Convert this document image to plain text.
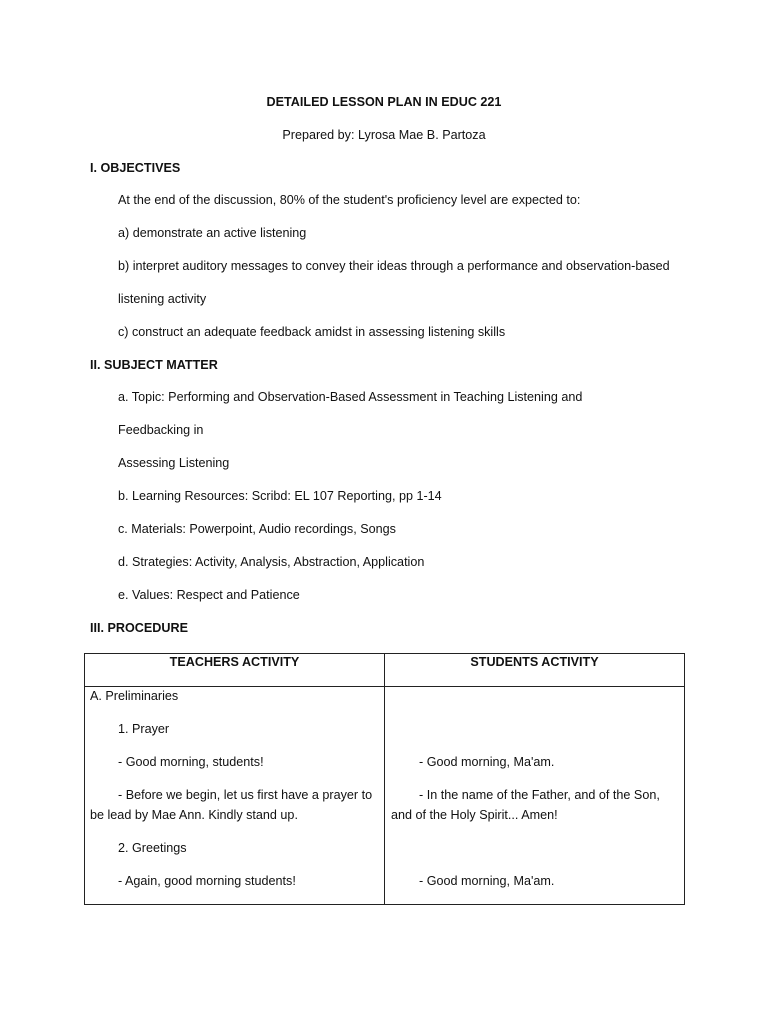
DETAILED LESSON PLAN IN EDUC 221
Prepared by: Lyrosa Mae B. Partoza
I. OBJECTIVES
At the end of the discussion, 80% of the student's proficiency level are expected to:
a) demonstrate an active listening
b) interpret auditory messages to convey their ideas through a performance and observation-based
listening activity
c) construct an adequate feedback amidst in assessing listening skills
II. SUBJECT MATTER
a. Topic: Performing and Observation-Based Assessment in Teaching Listening and
Feedbacking in
Assessing Listening
b. Learning Resources: Scribd: EL 107 Reporting, pp 1-14
c. Materials: Powerpoint, Audio recordings, Songs
d. Strategies: Activity, Analysis, Abstraction, Application
e. Values: Respect and Patience
III. PROCEDURE
TEACHERS ACTIVITY	STUDENTS ACTIVITY
A. Preliminaries
1. Prayer
- Good morning, students!
- Before we begin, let us first have a prayer to
be lead by Mae Ann. Kindly stand up.
2. Greetings
- Again, good morning students!
- Good morning, Ma'am.
- In the name of the Father, and of the Son,
and of the Holy Spirit... Amen!
- Good morning, Ma'am.
